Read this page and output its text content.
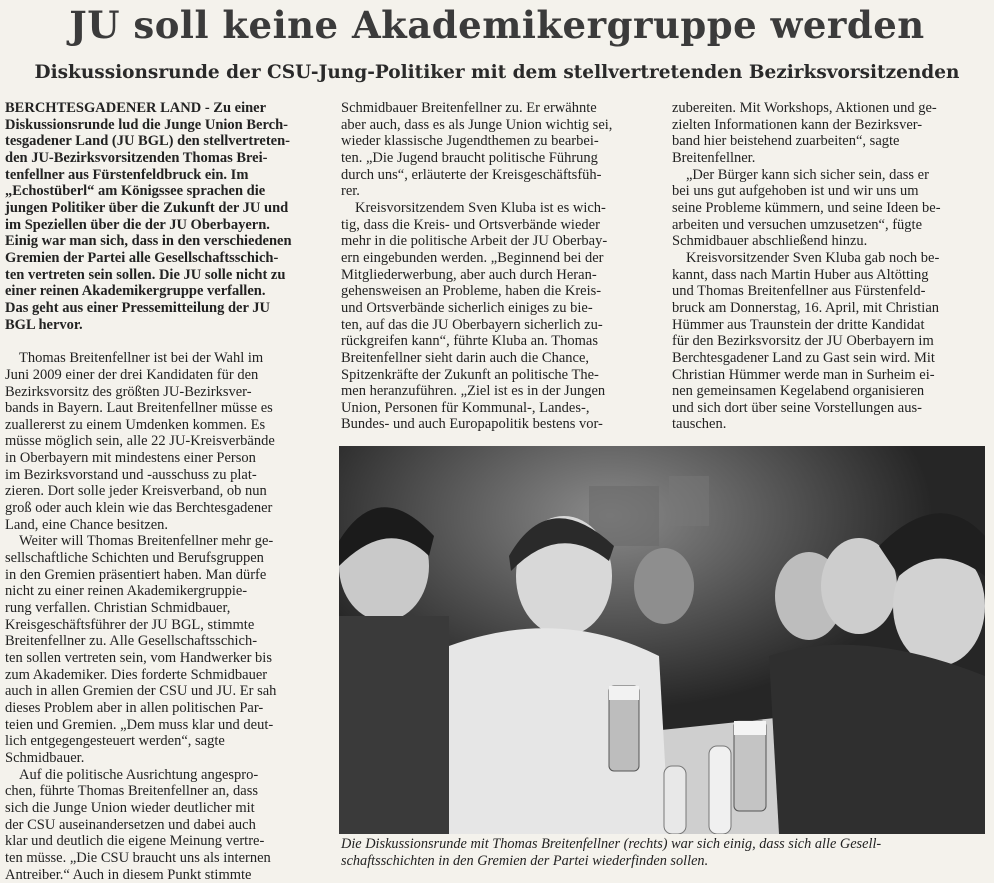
JU soll keine Akademikergruppe werden
Diskussionsrunde der CSU-Jung-Politiker mit dem stellvertretenden Bezirksvorsitzenden

BERCHTESGADENER LAND - Zu einer
Diskussionsrunde lud die Junge Union Berch-
tesgadener Land (JU BGL) den stellvertreten-
den JU-Bezirksvorsitzenden Thomas Brei-
tenfellner aus Fürstenfeldbruck ein. Im
„Echostüberl“ am Königssee sprachen die
jungen Politiker über die Zukunft der JU und
im Speziellen über die der JU Oberbayern.
Einig war man sich, dass in den verschiedenen
Gremien der Partei alle Gesellschaftsschich-
ten vertreten sein sollen. Die JU solle nicht zu
einer reinen Akademikergruppe verfallen.
Das geht aus einer Pressemitteilung der JU
BGL hervor.

Thomas Breitenfellner ist bei der Wahl im
Juni 2009 einer der drei Kandidaten für den
Bezirksvorsitz des größten JU-Bezirksver-
bands in Bayern. Laut Breitenfellner müsse es
zuallererst zu einem Umdenken kommen. Es
müsse möglich sein, alle 22 JU-Kreisverbände
in Oberbayern mit mindestens einer Person
im Bezirksvorstand und -ausschuss zu plat-
zieren. Dort solle jeder Kreisverband, ob nun
groß oder auch klein wie das Berchtesgadener
Land, eine Chance besitzen.

Weiter will Thomas Breitenfellner mehr ge-
sellschaftliche Schichten und Berufsgruppen
in den Gremien präsentiert haben. Man dürfe
nicht zu einer reinen Akademikergruppie-
rung verfallen. Christian Schmidbauer,
Kreisgeschäftsführer der JU BGL, stimmte
Breitenfellner zu. Alle Gesellschaftsschich-
ten sollen vertreten sein, vom Handwerker bis
zum Akademiker. Dies forderte Schmidbauer
auch in allen Gremien der CSU und JU. Er sah
dieses Problem aber in allen politischen Par-
teien und Gremien. „Dem muss klar und deut-
lich entgegengesteuert werden“, sagte
Schmidbauer.

Auf die politische Ausrichtung angespro-
chen, führte Thomas Breitenfellner an, dass
sich die Junge Union wieder deutlicher mit
der CSU auseinandersetzen und dabei auch
klar und deutlich die eigene Meinung vertre-
ten müsse. „Die CSU braucht uns als internen
Antreiber.“ Auch in diesem Punkt stimmte

Schmidbauer Breitenfellner zu. Er erwähnte
aber auch, dass es als Junge Union wichtig sei,
wieder klassische Jugendthemen zu bearbei-
ten. „Die Jugend braucht politische Führung
durch uns“, erläuterte der Kreisgeschäftsfüh-
rer.

Kreisvorsitzendem Sven Kluba ist es wich-
tig, dass die Kreis- und Ortsverbände wieder
mehr in die politische Arbeit der JU Oberbay-
ern eingebunden werden. „Beginnend bei der
Mitgliederwerbung, aber auch durch Heran-
gehensweisen an Probleme, haben die Kreis-
und Ortsverbände sicherlich einiges zu bie-
ten, auf das die JU Oberbayern sicherlich zu-
rückgreifen kann“, führte Kluba an. Thomas
Breitenfellner sieht darin auch die Chance,
Spitzenkräfte der Zukunft an politische The-
men heranzuführen. „Ziel ist es in der Jungen
Union, Personen für Kommunal-, Landes-,
Bundes- und auch Europapolitik bestens vor-

zubereiten. Mit Workshops, Aktionen und ge-
zielten Informationen kann der Bezirksver-
band hier beistehend zuarbeiten“, sagte
Breitenfellner.

„Der Bürger kann sich sicher sein, dass er
bei uns gut aufgehoben ist und wir uns um
seine Probleme kümmern, und seine Ideen be-
arbeiten und versuchen umzusetzen“, fügte
Schmidbauer abschließend hinzu.

Kreisvorsitzender Sven Kluba gab noch be-
kannt, dass nach Martin Huber aus Altötting
und Thomas Breitenfellner aus Fürstenfeld-
bruck am Donnerstag, 16. April, mit Christian
Hümmer aus Traunstein der dritte Kandidat
für den Bezirksvorsitz der JU Oberbayern im
Berchtesgadener Land zu Gast sein wird. Mit
Christian Hümmer werde man in Surheim ei-
nen gemeinsamen Kegelabend organisieren
und sich dort über seine Vorstellungen aus-
tauschen.

Die Diskussionsrunde mit Thomas Breitenfellner (rechts) war sich einig, dass sich alle Gesell-
schaftsschichten in den Gremien der Partei wiederfinden sollen.
